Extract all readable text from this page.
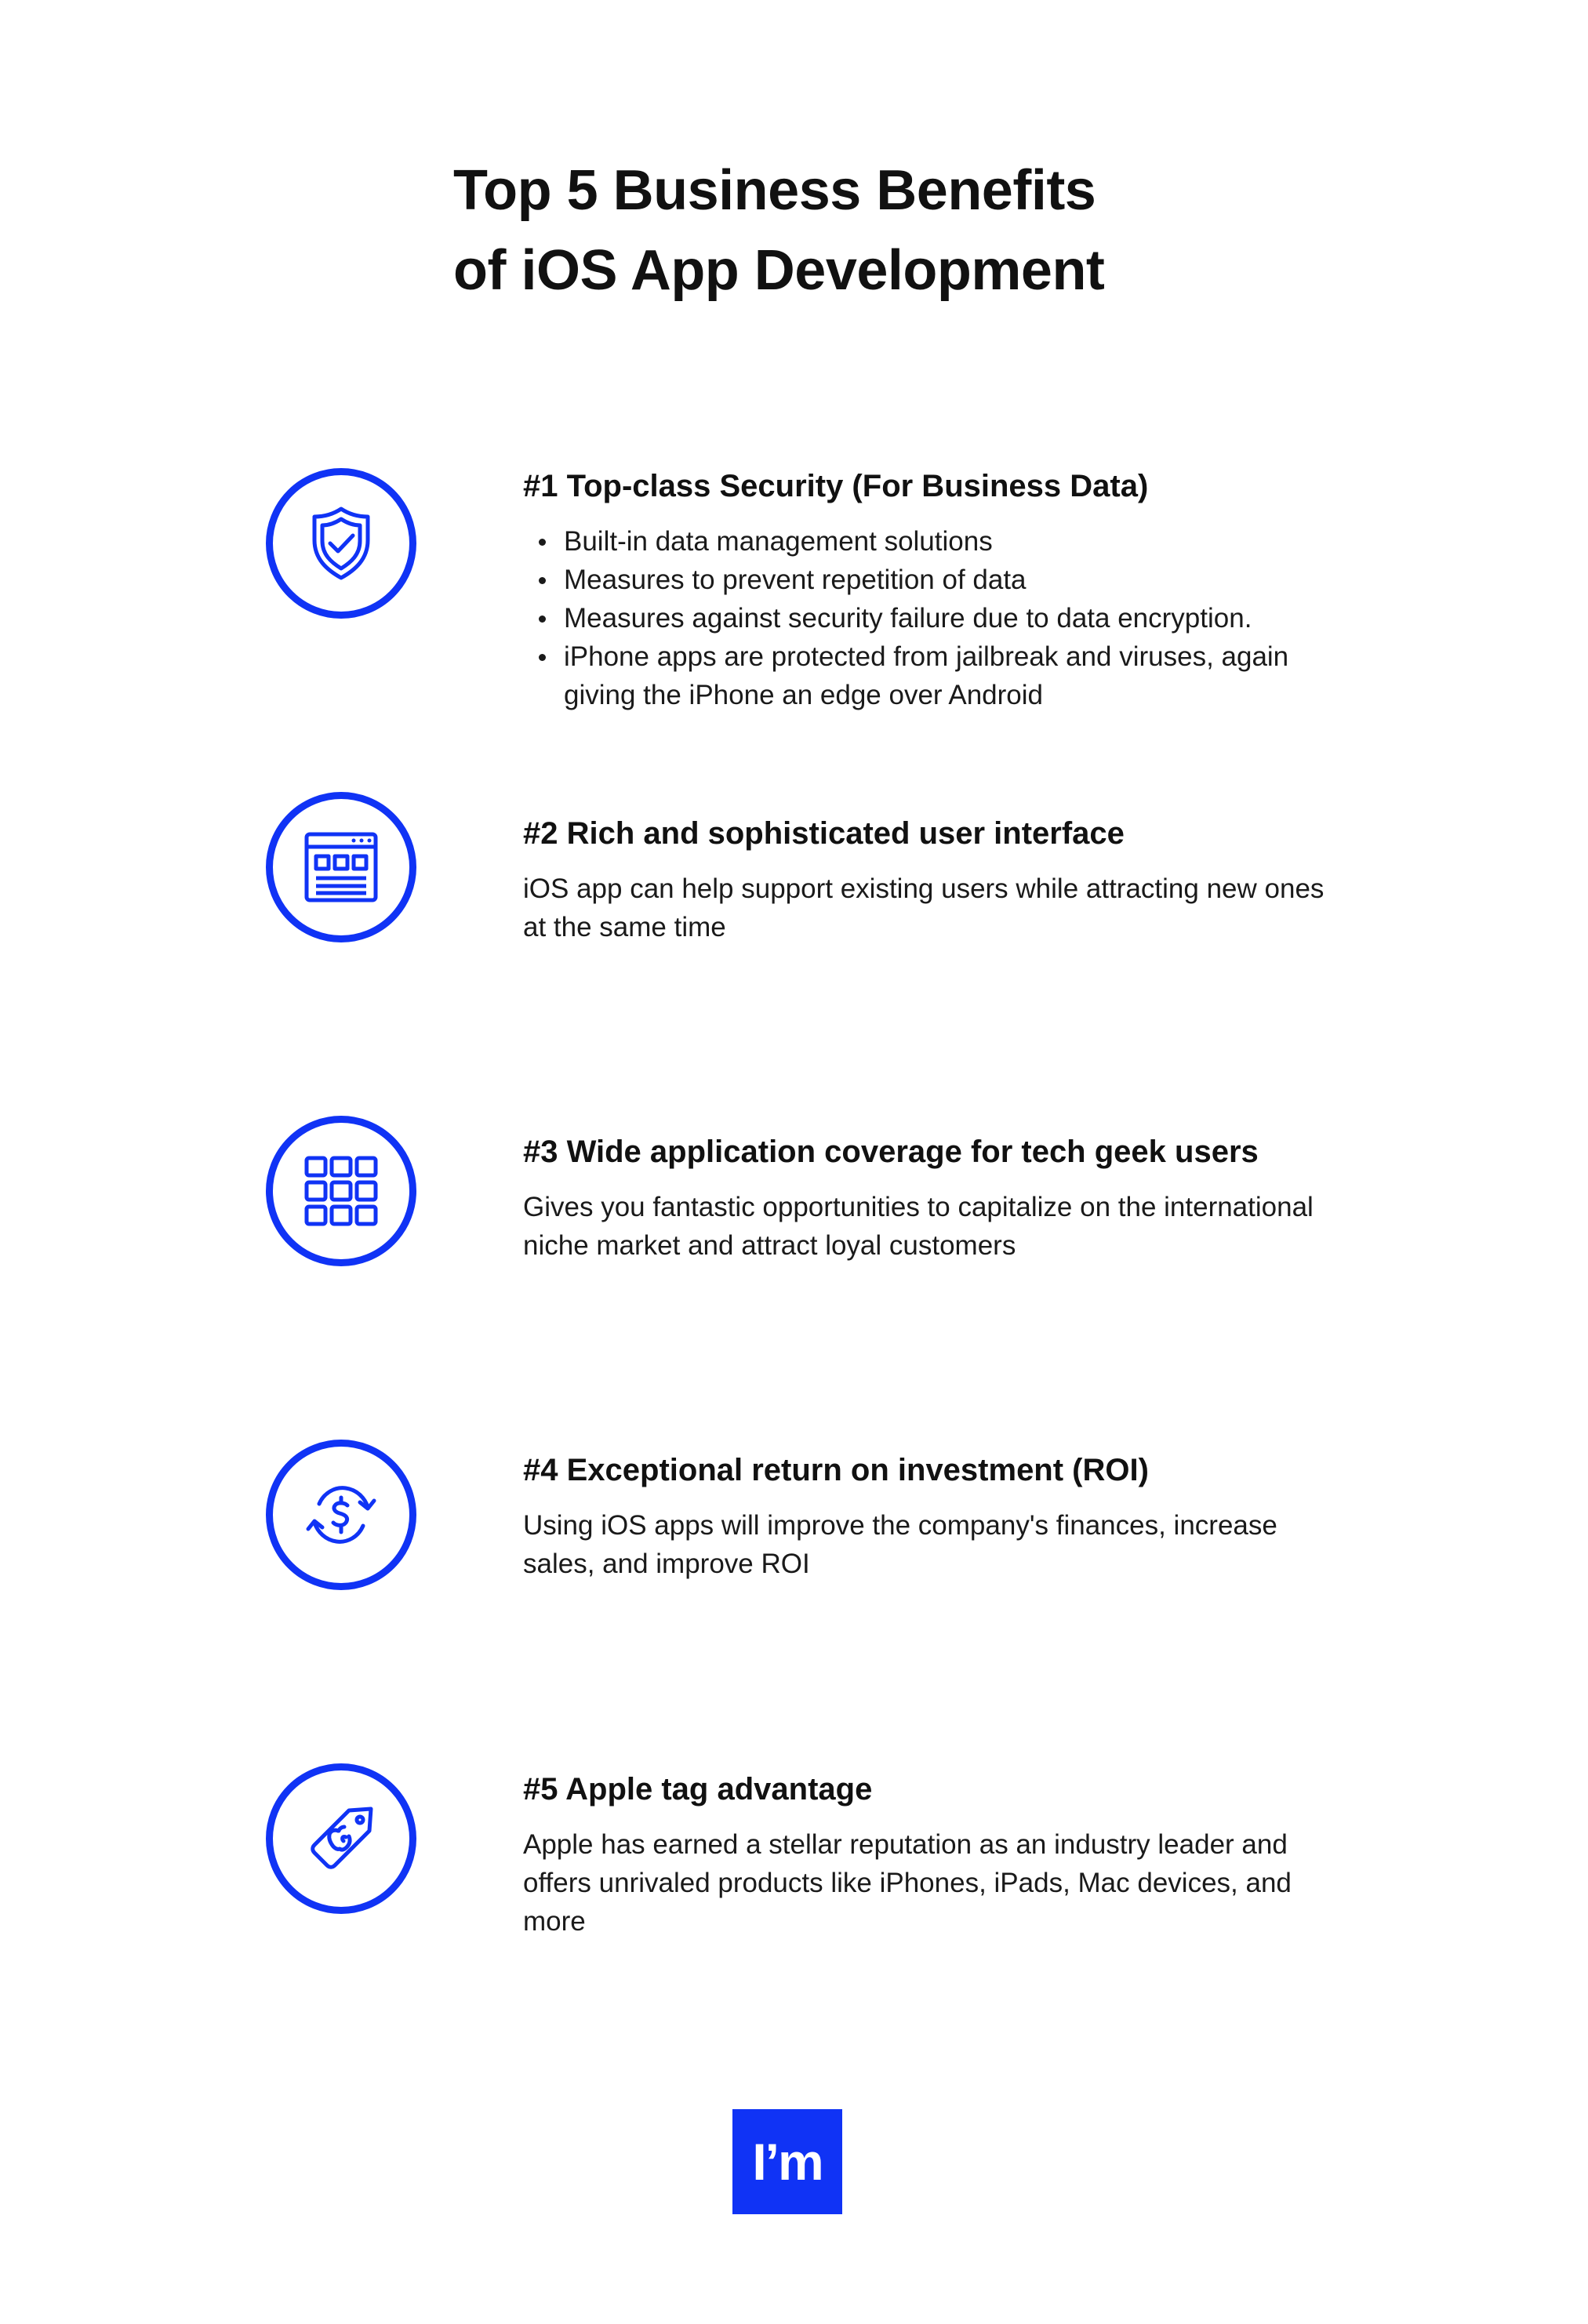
Top 5 Business Benefits
of iOS App Development
#1 Top-class Security (For Business Data)
Built-in data management solutions
Measures to prevent repetition of data
Measures against security failure due to data encryption.
iPhone apps are protected from jailbreak and viruses, again giving the iPhone an edge over Android
#2 Rich and sophisticated user interface

iOS app can help support existing users while attracting new ones at the same time

#3 Wide application coverage for tech geek users

Gives you fantastic opportunities to capitalize on the international niche market and attract loyal customers

#4 Exceptional return on investment (ROI)

Using iOS apps will improve the company's finances, increase sales, and improve ROI

#5 Apple tag advantage

Apple has earned a stellar reputation as an industry leader and offers unrivaled products like iPhones, iPads, Mac devices, and more

I’m
